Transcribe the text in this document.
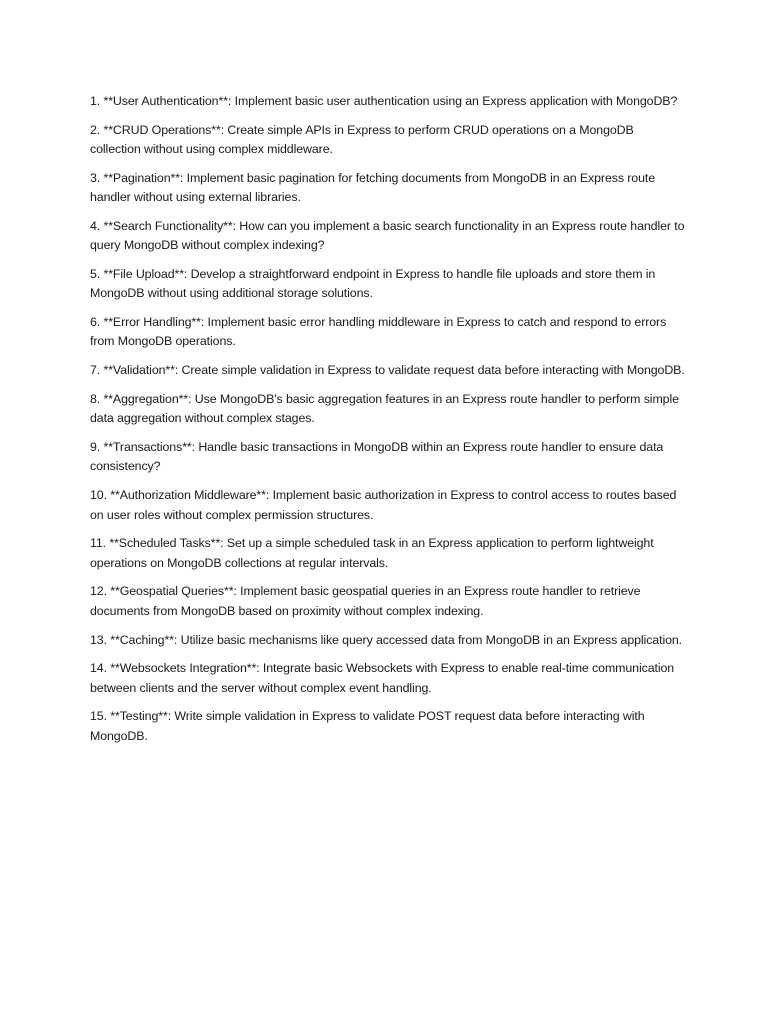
1. **User Authentication**: Implement basic user authentication using an Express application with MongoDB?
2. **CRUD Operations**: Create simple APIs in Express to perform CRUD operations on a MongoDB collection without using complex middleware.
3. **Pagination**: Implement basic pagination for fetching documents from MongoDB in an Express route handler without using external libraries.
4. **Search Functionality**: How can you implement a basic search functionality in an Express route handler to query MongoDB without complex indexing?
5. **File Upload**: Develop a straightforward endpoint in Express to handle file uploads and store them in MongoDB without using additional storage solutions.
6. **Error Handling**: Implement basic error handling middleware in Express to catch and respond to errors from MongoDB operations.
7. **Validation**: Create simple validation in Express to validate request data before interacting with MongoDB.
8. **Aggregation**: Use MongoDB's basic aggregation features in an Express route handler to perform simple data aggregation without complex stages.
9. **Transactions**: Handle basic transactions in MongoDB within an Express route handler to ensure data consistency?
10. **Authorization Middleware**: Implement basic authorization in Express to control access to routes based on user roles without complex permission structures.
11. **Scheduled Tasks**: Set up a simple scheduled task in an Express application to perform lightweight operations on MongoDB collections at regular intervals.
12. **Geospatial Queries**: Implement basic geospatial queries in an Express route handler to retrieve documents from MongoDB based on proximity without complex indexing.
13. **Caching**: Utilize basic mechanisms like query accessed data from MongoDB in an Express application.
14. **Websockets Integration**: Integrate basic Websockets with Express to enable real-time communication between clients and the server without complex event handling.
15. **Testing**: Write simple validation in Express to validate POST request data before interacting with MongoDB.
